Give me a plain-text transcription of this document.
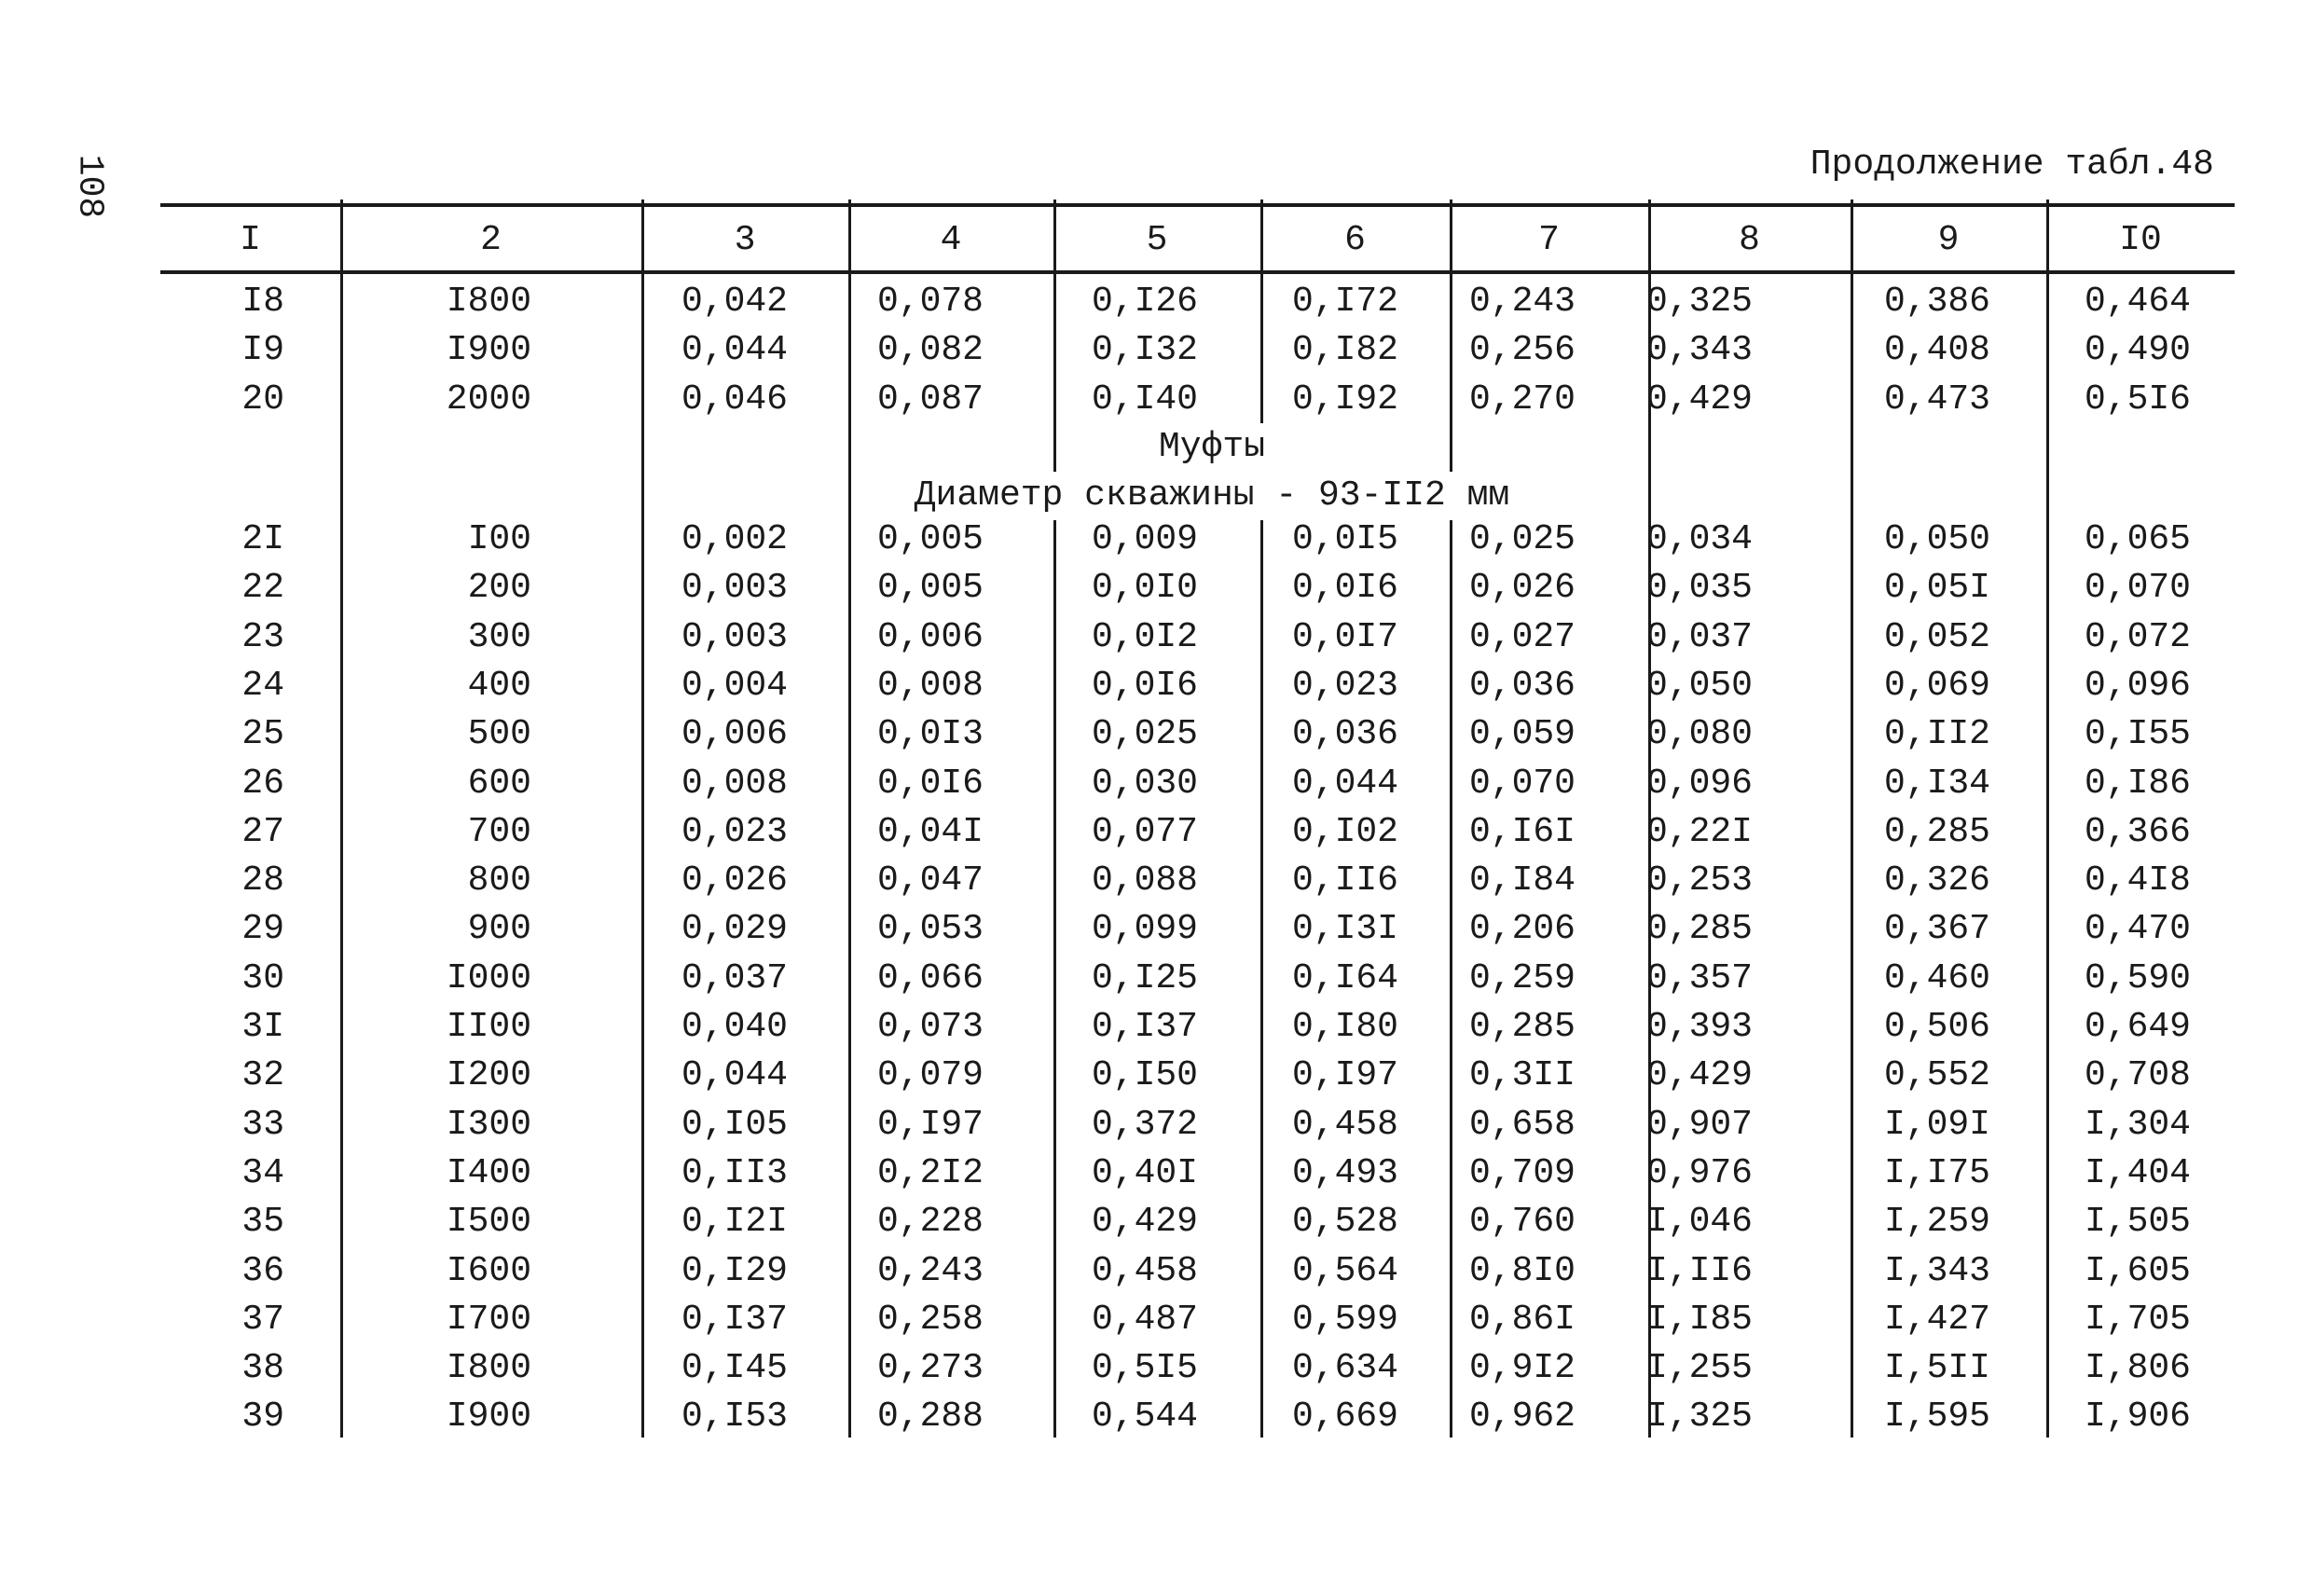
108	Продолжение табл.48
I	2	3	4	5	6	7	8	9	I0
I8	I800	0,042	0,078	0,I26	0,I72	0,243	0,325	0,386	0,464
I9	I900	0,044	0,082	0,I32	0,I82	0,256	0,343	0,408	0,490
20	2000	0,046	0,087	0,I40	0,I92	0,270	0,429	0,473	0,5I6
Муфты
Диаметр скважины - 93-II2 мм
2I	I00	0,002	0,005	0,009	0,0I5	0,025	0,034	0,050	0,065
22	200	0,003	0,005	0,0I0	0,0I6	0,026	0,035	0,05I	0,070
23	300	0,003	0,006	0,0I2	0,0I7	0,027	0,037	0,052	0,072
24	400	0,004	0,008	0,0I6	0,023	0,036	0,050	0,069	0,096
25	500	0,006	0,0I3	0,025	0,036	0,059	0,080	0,II2	0,I55
26	600	0,008	0,0I6	0,030	0,044	0,070	0,096	0,I34	0,I86
27	700	0,023	0,04I	0,077	0,I02	0,I6I	0,22I	0,285	0,366
28	800	0,026	0,047	0,088	0,II6	0,I84	0,253	0,326	0,4I8
29	900	0,029	0,053	0,099	0,I3I	0,206	0,285	0,367	0,470
30	I000	0,037	0,066	0,I25	0,I64	0,259	0,357	0,460	0,590
3I	II00	0,040	0,073	0,I37	0,I80	0,285	0,393	0,506	0,649
32	I200	0,044	0,079	0,I50	0,I97	0,3II	0,429	0,552	0,708
33	I300	0,I05	0,I97	0,372	0,458	0,658	0,907	I,09I	I,304
34	I400	0,II3	0,2I2	0,40I	0,493	0,709	0,976	I,I75	I,404
35	I500	0,I2I	0,228	0,429	0,528	0,760	I,046	I,259	I,505
36	I600	0,I29	0,243	0,458	0,564	0,8I0	I,II6	I,343	I,605
37	I700	0,I37	0,258	0,487	0,599	0,86I	I,I85	I,427	I,705
38	I800	0,I45	0,273	0,5I5	0,634	0,9I2	I,255	I,5II	I,806
39	I900	0,I53	0,288	0,544	0,669	0,962	I,325	I,595	I,906
